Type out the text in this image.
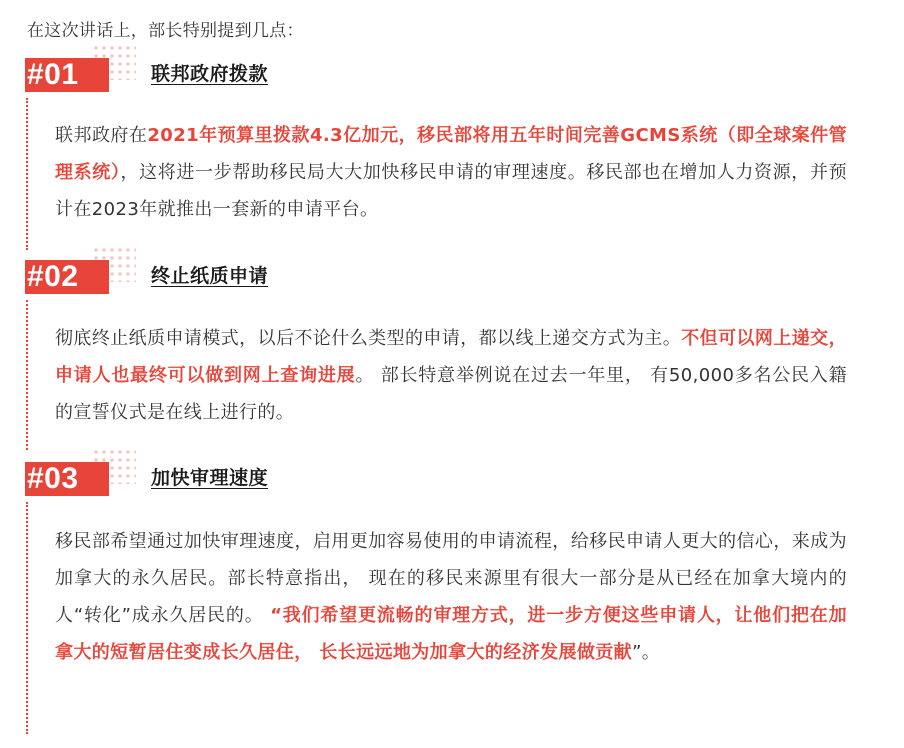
在这次讲话上，部长特别提到几点：
#01	联邦政府拨款
联邦政府在2021年预算里拨款4.3亿加元，移民部将用五年时间完善GCMS系统（即全球案件管理系统），这将进一步帮助移民局大大加快移民申请的审理速度。移民部也在增加人力资源，并预计在2023年就推出一套新的申请平台。
#02	终止纸质申请
彻底终止纸质申请模式，以后不论什么类型的申请，都以线上递交方式为主。不但可以网上递交，申请人也最终可以做到网上查询进展。 部长特意举例说在过去一年里， 有50,000多名公民入籍的宣誓仪式是在线上进行的。
#03	加快审理速度
移民部希望通过加快审理速度，启用更加容易使用的申请流程，给移民申请人更大的信心，来成为加拿大的永久居民。部长特意指出， 现在的移民来源里有很大一部分是从已经在加拿大境内的人“转化”成永久居民的。 “我们希望更流畅的审理方式，进一步方便这些申请人，让他们把在加拿大的短暂居住变成长久居住， 长长远远地为加拿大的经济发展做贡献”。
